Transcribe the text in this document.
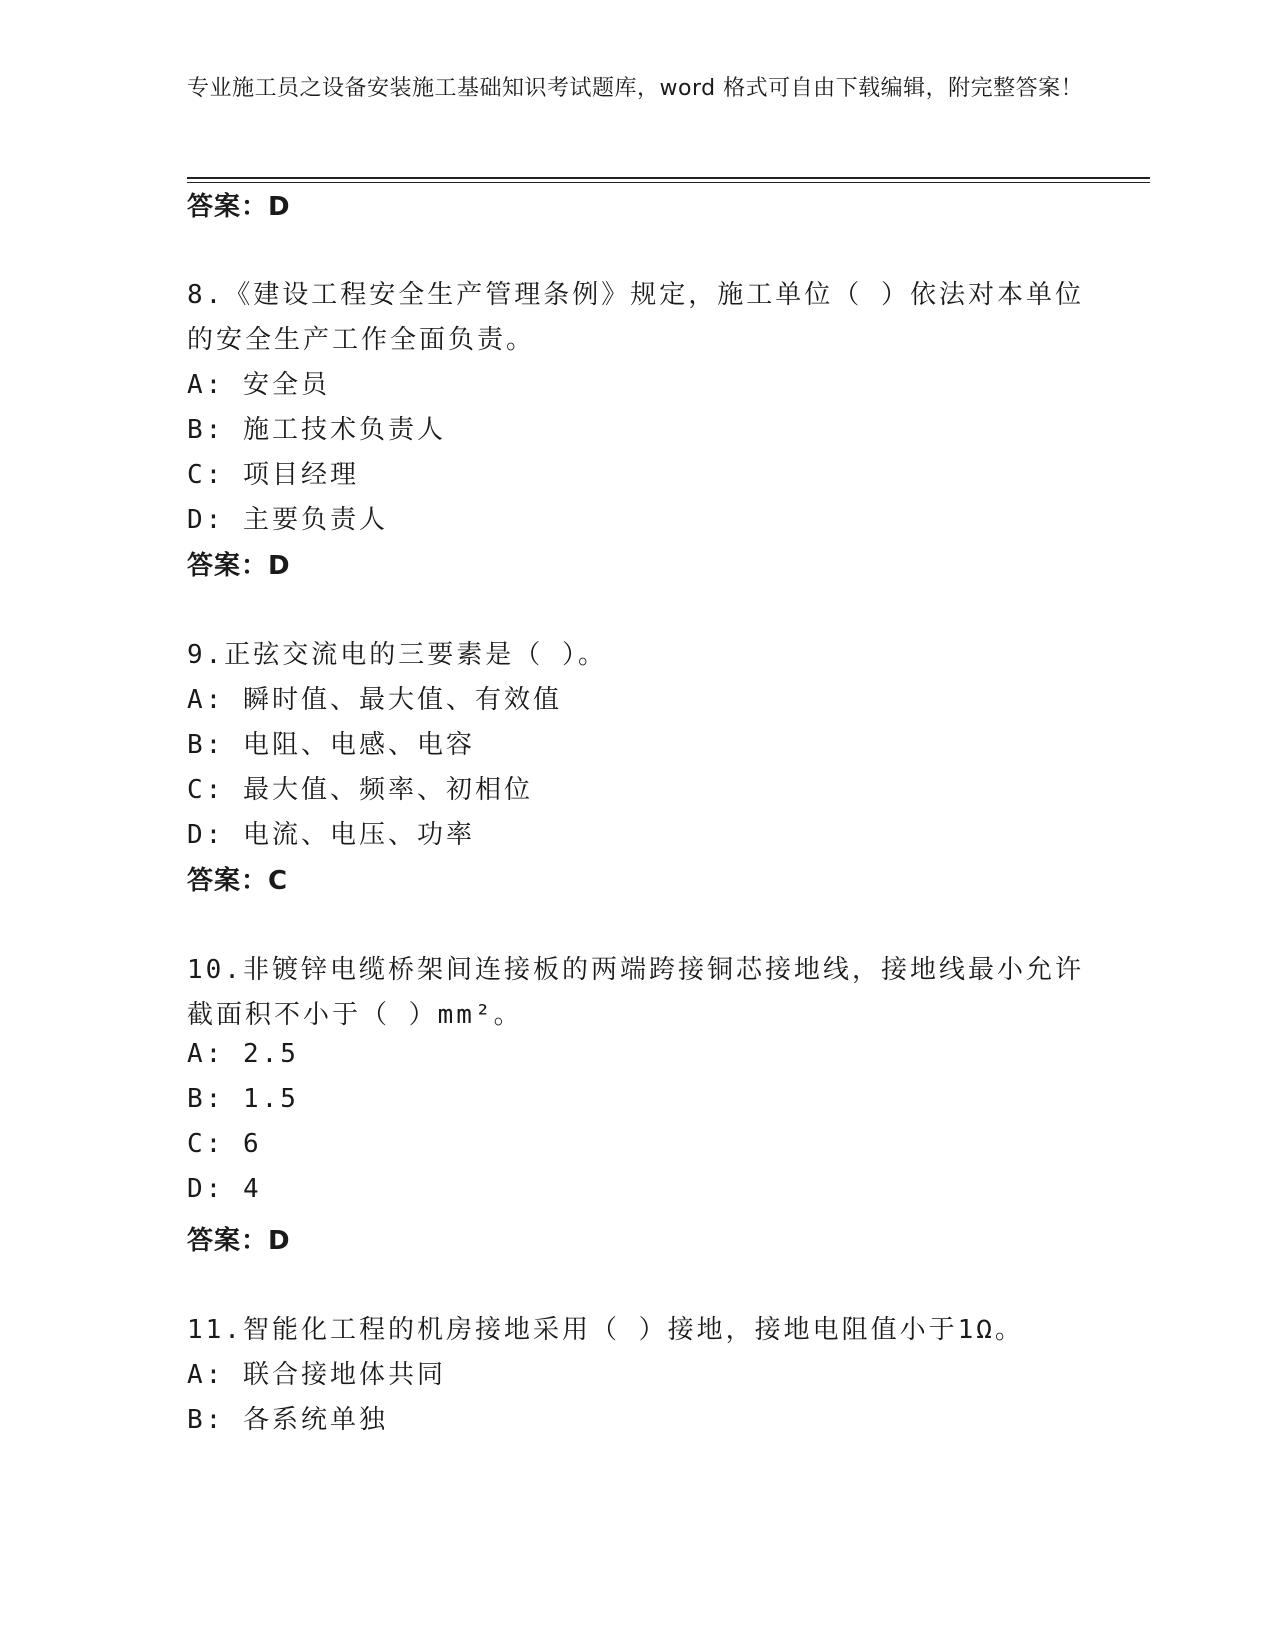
专业施工员之设备安装施工基础知识考试题库，word 格式可自由下载编辑，附完整答案！
答案：D
8.《建设工程安全生产管理条例》规定，施工单位（ ）依法对本单位
的安全生产工作全面负责。
A: 安全员
B: 施工技术负责人
C: 项目经理
D: 主要负责人
答案：D
9.正弦交流电的三要素是（ ）。
A: 瞬时值、最大值、有效值
B: 电阻、电感、电容
C: 最大值、频率、初相位
D: 电流、电压、功率
答案：C
10.非镀锌电缆桥架间连接板的两端跨接铜芯接地线，接地线最小允许
截面积不小于（ ）mm²。
A: 2.5
B: 1.5
C: 6
D: 4
答案：D
11.智能化工程的机房接地采用（ ）接地，接地电阻值小于1Ω。
A: 联合接地体共同
B: 各系统单独
